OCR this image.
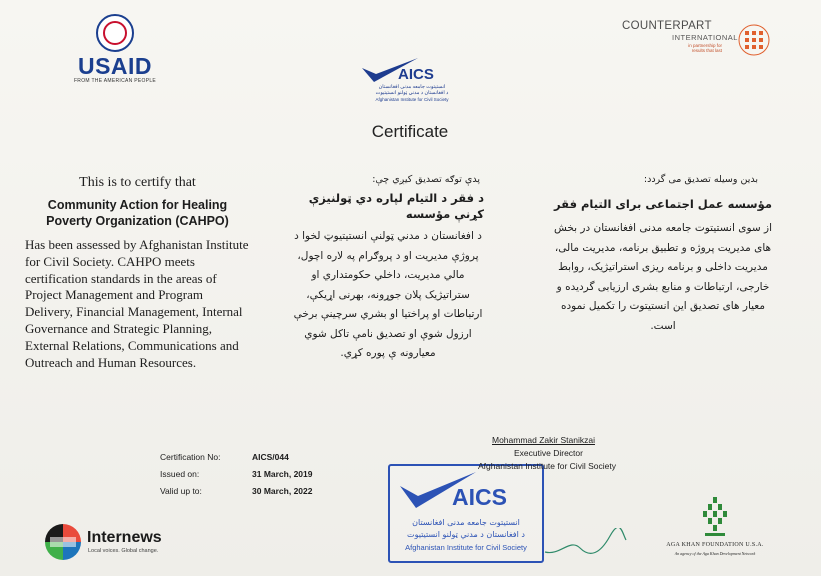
USAID
FROM THE AMERICAN PEOPLE
COUNTERPART
INTERNATIONAL
in partnership for results that last
AICS
انستیتوت جامعه مدنی افغانستان
د افغانستان د مدني ټولنو انستیتیوت
Afghanistan Institute for Civil Society
Certificate
This is to certify that
Community Action for Healing Poverty Organization (CAHPO)
Has been assessed by Afghanistan Institute for Civil Society. CAHPO meets certification standards in the areas of Project Management and Program Delivery, Financial Management, Internal Governance and Strategic Planning, External Relations, Communications and Outreach and Human Resources.
پدې توګه تصدیق کیږي چې:
د فقر د التیام لپاره دي ټولنیزې کړنې مؤسسه
د افغانستان د مدني ټولنې انستیتیوټ لخوا د پروژې مدیریت او د پروګرام په لاره اچول، مالي مدیریت، داخلي حکومتداري او ستراتیژیک پلان جوړونه، بهرنی اړیکې، ارتباطات او پراختیا او بشري سرچینې برخې ارزول شوې او تصدیق نامې تاکل شوي معیارونه ې پوره کړي.
بدین وسیله تصدیق می گردد:
مؤسسه عمل اجتماعی برای التیام فقر
از سوی انستیتوت جامعه مدنی افغانستان در بخش های مدیریت پروژه و تطبیق برنامه، مدیریت مالی، مدیریت داخلی و برنامه ریزی استراتیژیک، روابط خارجی، ارتباطات و منابع بشری ارزیابی گردیده و معیار های تصدیق این انستیتوت را تکمیل نموده است.
Certification No:	AICS/044
Issued on:	31 March, 2019
Valid up to:	30 March, 2022	AICS
انستیتوت جامعه مدنی افغانستان
د افغانستان د مدني ټولنو انستیتیوت
Afghanistan Institute for Civil Society
Mohammad Zakir Stanikzai
Executive Director
Afghanistan Institute for Civil Society
Internews
Local voices. Global change.
AGA KHAN FOUNDATION U.S.A.
An agency of the Aga Khan Development Network
